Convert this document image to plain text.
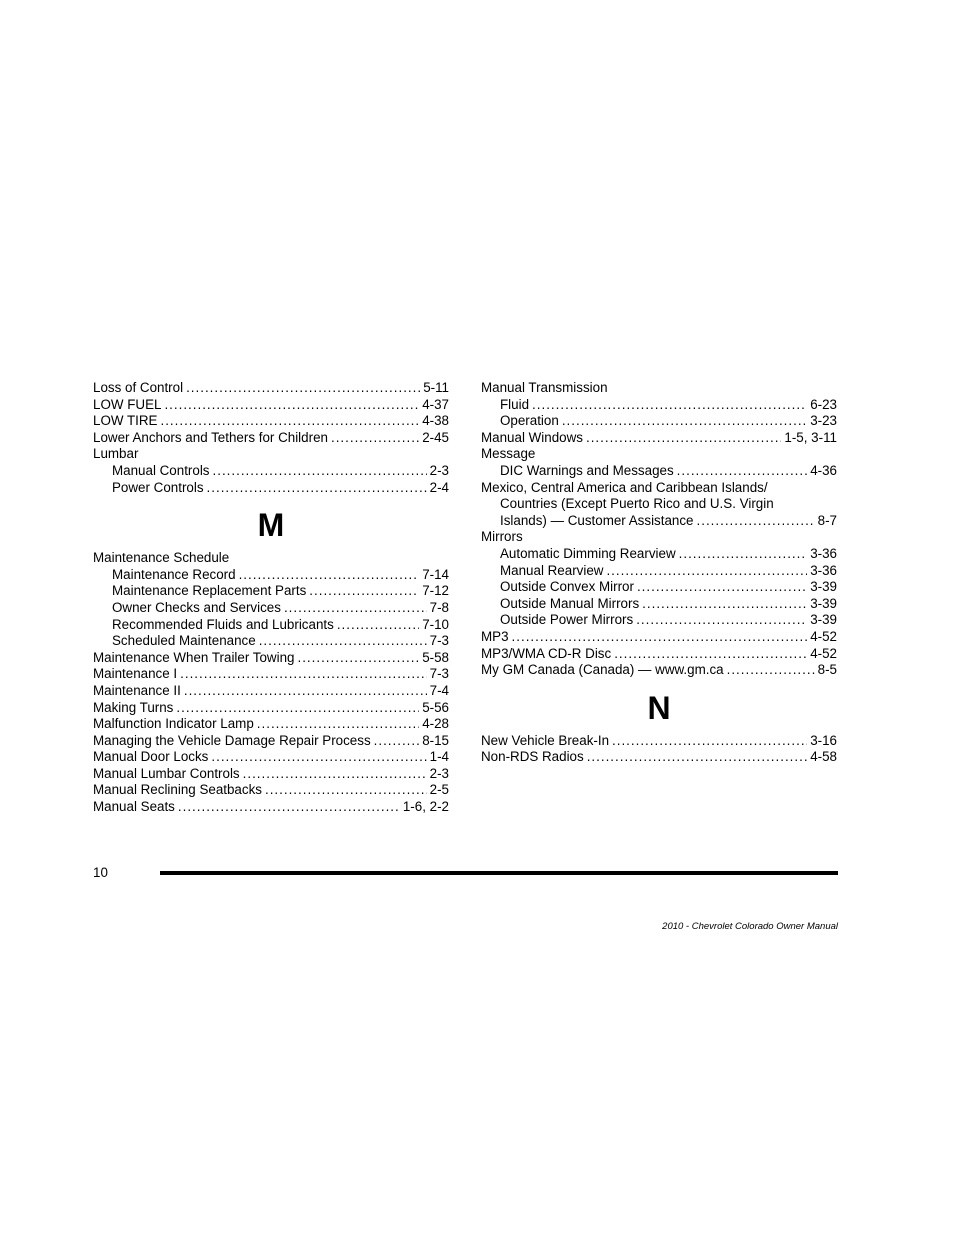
Loss of Control .....	5-11
LOW FUEL .....	4-37
LOW TIRE .....	4-38
Lower Anchors and Tethers for Children .....	2-45
Lumbar
Manual Controls .....	2-3
Power Controls .....	2-4
M
Maintenance Schedule
Maintenance Record .....	7-14
Maintenance Replacement Parts .....	7-12
Owner Checks and Services .....	7-8
Recommended Fluids and Lubricants .....	7-10
Scheduled Maintenance .....	7-3
Maintenance When Trailer Towing .....	5-58
Maintenance I .....	7-3
Maintenance II .....	7-4
Making Turns .....	5-56
Malfunction Indicator Lamp .....	4-28
Managing the Vehicle Damage Repair Process .....	8-15
Manual Door Locks .....	1-4
Manual Lumbar Controls .....	2-3
Manual Reclining Seatbacks .....	2-5
Manual Seats .....	1-6, 2-2
Manual Transmission
Fluid .....	6-23
Operation .....	3-23
Manual Windows .....	1-5, 3-11
Message
DIC Warnings and Messages .....	4-36
Mexico, Central America and Caribbean Islands/
Countries (Except Puerto Rico and U.S. Virgin
Islands) — Customer Assistance .....	8-7
Mirrors
Automatic Dimming Rearview .....	3-36
Manual Rearview .....	3-36
Outside Convex Mirror .....	3-39
Outside Manual Mirrors .....	3-39
Outside Power Mirrors .....	3-39
MP3 .....	4-52
MP3/WMA CD-R Disc .....	4-52
My GM Canada (Canada) — www.gm.ca .....	8-5
N
New Vehicle Break-In .....	3-16
Non-RDS Radios .....	4-58
10
2010 - Chevrolet Colorado Owner Manual
